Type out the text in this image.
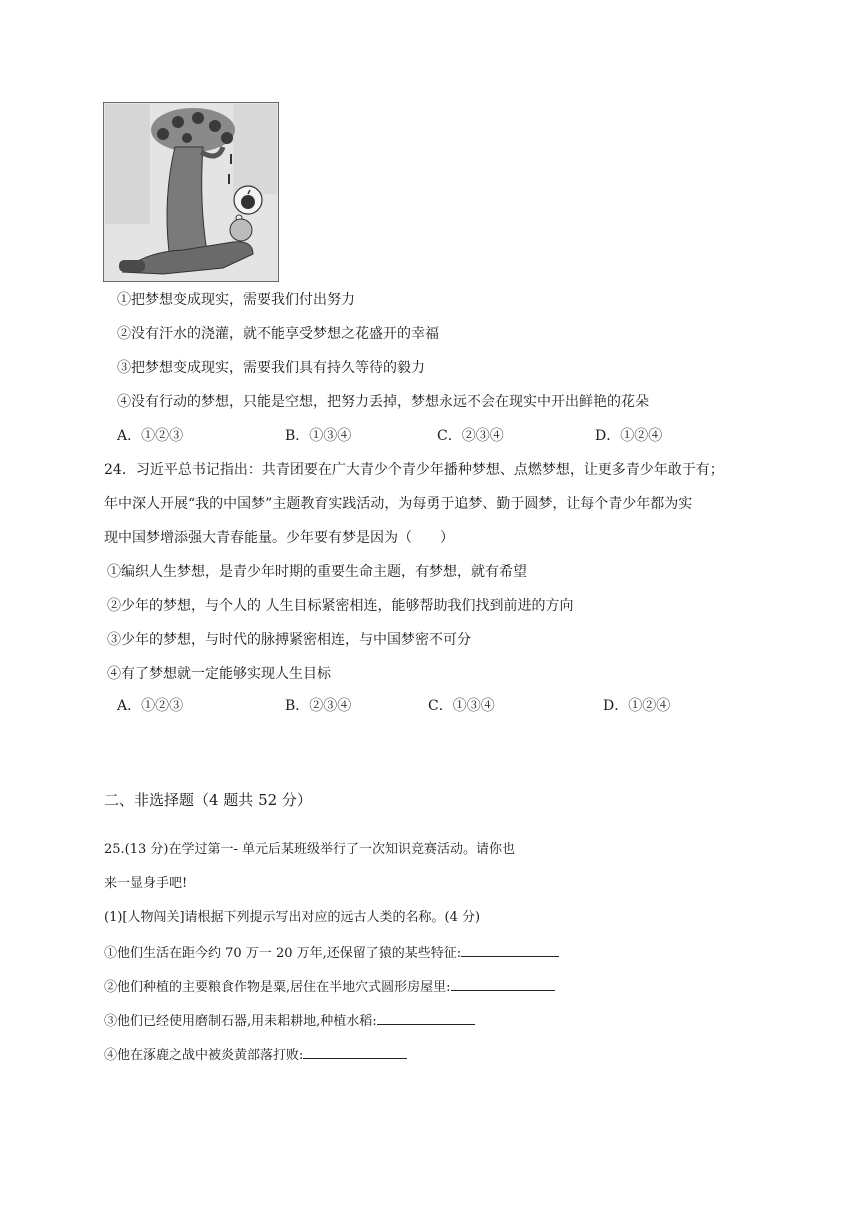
①把梦想变成现实，需要我们付出努力
②没有汗水的浇灌，就不能享受梦想之花盛开的幸福
③把梦想变成现实，需要我们具有持久等待的毅力
④没有行动的梦想，只能是空想，把努力丢掉，梦想永远不会在现实中开出鲜艳的花朵
A．①②③	B．①③④	C．②③④	D．①②④
24．习近平总书记指出：共青团要在广大青少个青少年播种梦想、点燃梦想，让更多青少年敢于有；
年中深人开展“我的中国梦”主题教育实践活动，为每勇于追梦、勤于圆梦，让每个青少年都为实
现中国梦增添强大青春能量。少年要有梦是因为（　　）
①编织人生梦想，是青少年时期的重要生命主题，有梦想，就有希望
②少年的梦想，与个人的 人生目标紧密相连，能够帮助我们找到前进的方向
③少年的梦想，与时代的脉搏紧密相连，与中国梦密不可分
④有了梦想就一定能够实现人生目标
A．①②③	B．②③④	C．①③④	D．①②④
二、非选择题（4 题共 52 分）
25.(13 分)在学过第一- 单元后某班级举行了一次知识竞赛活动。请你也
来一显身手吧!
(1)[人物闯关]请根据下列提示写出对应的远古人类的名称。(4 分)
①他们生活在距今约 70 万一 20 万年,还保留了猿的某些特征:
②他们种植的主要粮食作物是粟,居住在半地穴式圆形房屋里:
③他们已经使用磨制石器,用耒耜耕地,种植水稻:
④他在涿鹿之战中被炎黄部落打败:
